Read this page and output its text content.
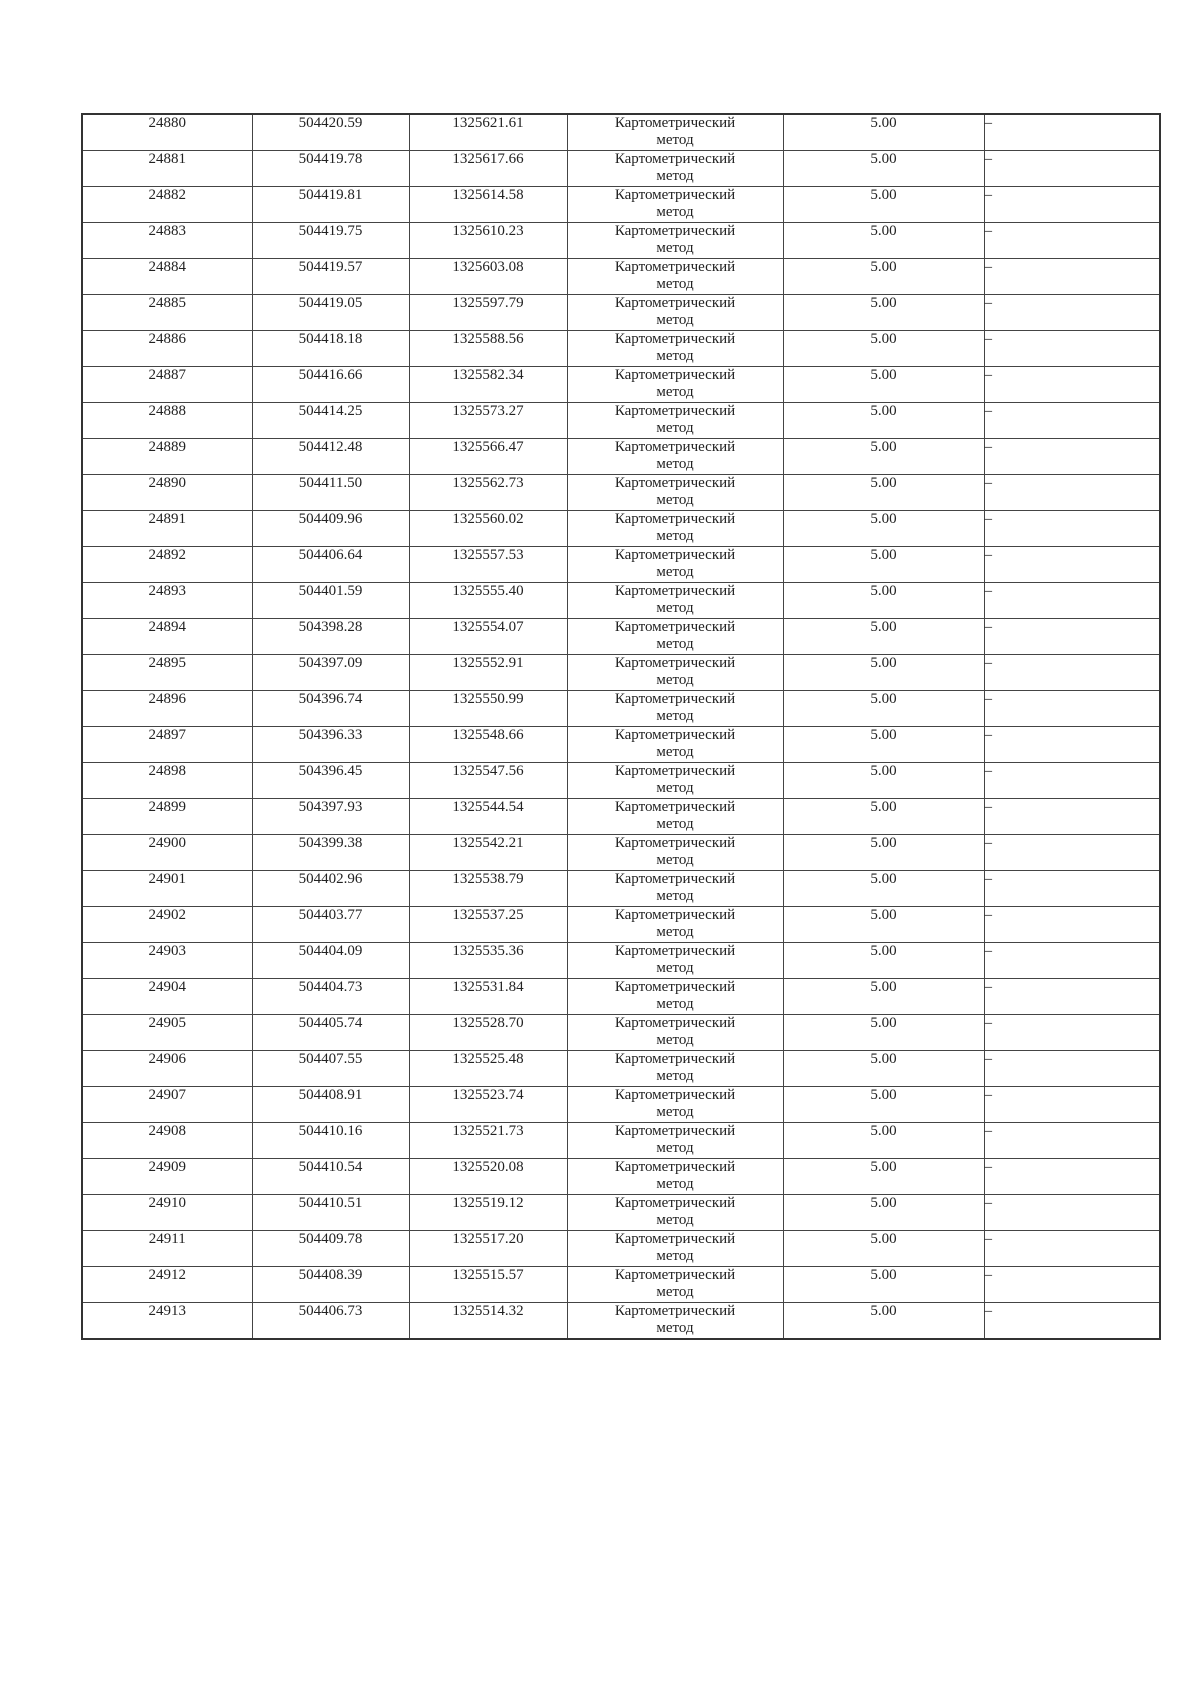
24880	504420.59	1325621.61	Картометрический
метод	5.00	–
24881	504419.78	1325617.66	Картометрический
метод	5.00	–
24882	504419.81	1325614.58	Картометрический
метод	5.00	–
24883	504419.75	1325610.23	Картометрический
метод	5.00	–
24884	504419.57	1325603.08	Картометрический
метод	5.00	–
24885	504419.05	1325597.79	Картометрический
метод	5.00	–
24886	504418.18	1325588.56	Картометрический
метод	5.00	–
24887	504416.66	1325582.34	Картометрический
метод	5.00	–
24888	504414.25	1325573.27	Картометрический
метод	5.00	–
24889	504412.48	1325566.47	Картометрический
метод	5.00	–
24890	504411.50	1325562.73	Картометрический
метод	5.00	–
24891	504409.96	1325560.02	Картометрический
метод	5.00	–
24892	504406.64	1325557.53	Картометрический
метод	5.00	–
24893	504401.59	1325555.40	Картометрический
метод	5.00	–
24894	504398.28	1325554.07	Картометрический
метод	5.00	–
24895	504397.09	1325552.91	Картометрический
метод	5.00	–
24896	504396.74	1325550.99	Картометрический
метод	5.00	–
24897	504396.33	1325548.66	Картометрический
метод	5.00	–
24898	504396.45	1325547.56	Картометрический
метод	5.00	–
24899	504397.93	1325544.54	Картометрический
метод	5.00	–
24900	504399.38	1325542.21	Картометрический
метод	5.00	–
24901	504402.96	1325538.79	Картометрический
метод	5.00	–
24902	504403.77	1325537.25	Картометрический
метод	5.00	–
24903	504404.09	1325535.36	Картометрический
метод	5.00	–
24904	504404.73	1325531.84	Картометрический
метод	5.00	–
24905	504405.74	1325528.70	Картометрический
метод	5.00	–
24906	504407.55	1325525.48	Картометрический
метод	5.00	–
24907	504408.91	1325523.74	Картометрический
метод	5.00	–
24908	504410.16	1325521.73	Картометрический
метод	5.00	–
24909	504410.54	1325520.08	Картометрический
метод	5.00	–
24910	504410.51	1325519.12	Картометрический
метод	5.00	–
24911	504409.78	1325517.20	Картометрический
метод	5.00	–
24912	504408.39	1325515.57	Картометрический
метод	5.00	–
24913	504406.73	1325514.32	Картометрический
метод	5.00	–
